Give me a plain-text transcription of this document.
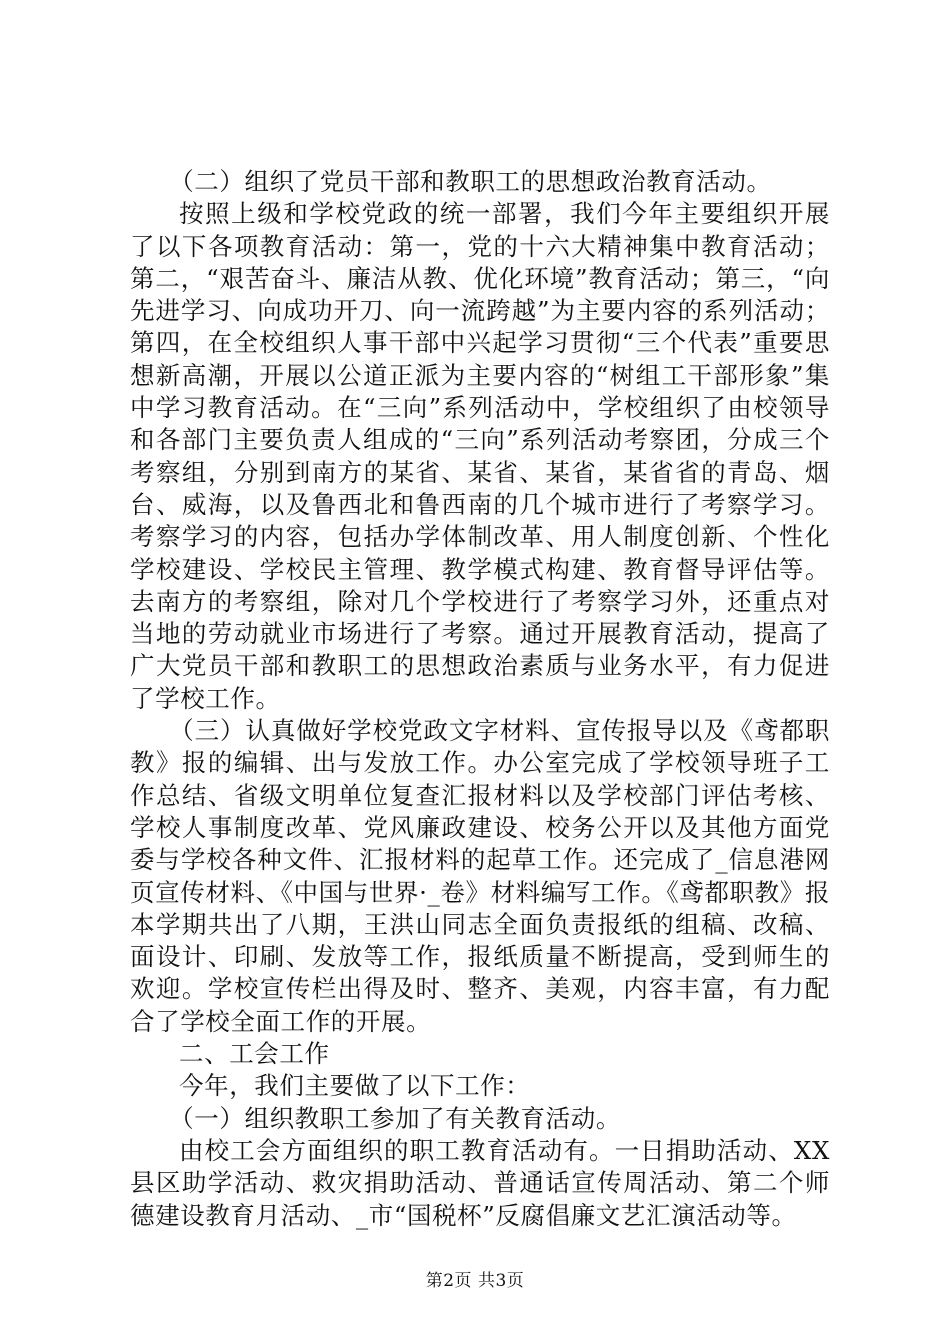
（二）组织了党员干部和教职工的思想政治教育活动。

按照上级和学校党政的统一部署，我们今年主要组织开展了以下各项教育活动：第一，党的十六大精神集中教育活动；第二，“艰苦奋斗、廉洁从教、优化环境”教育活动；第三，“向先进学习、向成功开刀、向一流跨越”为主要内容的系列活动；第四，在全校组织人事干部中兴起学习贯彻“三个代表”重要思想新高潮，开展以公道正派为主要内容的“树组工干部形象”集中学习教育活动。在“三向”系列活动中，学校组织了由校领导和各部门主要负责人组成的“三向”系列活动考察团，分成三个考察组，分别到南方的某省、某省、某省，某省省的青岛、烟台、威海，以及鲁西北和鲁西南的几个城市进行了考察学习。考察学习的内容，包括办学体制改革、用人制度创新、个性化学校建设、学校民主管理、教学模式构建、教育督导评估等。去南方的考察组，除对几个学校进行了考察学习外，还重点对当地的劳动就业市场进行了考察。通过开展教育活动，提高了广大党员干部和教职工的思想政治素质与业务水平，有力促进了学校工作。

（三）认真做好学校党政文字材料、宣传报导以及《鸢都职教》报的编辑、出与发放工作。办公室完成了学校领导班子工作总结、省级文明单位复查汇报材料以及学校部门评估考核、学校人事制度改革、党风廉政建设、校务公开以及其他方面党委与学校各种文件、汇报材料的起草工作。还完成了_信息港网页宣传材料、《中国与世界·_卷》材料编写工作。《鸢都职教》报本学期共出了八期，王洪山同志全面负责报纸的组稿、改稿、面设计、印刷、发放等工作，报纸质量不断提高，受到师生的欢迎。学校宣传栏出得及时、整齐、美观，内容丰富，有力配合了学校全面工作的开展。

二、工会工作

今年，我们主要做了以下工作：

（一）组织教职工参加了有关教育活动。

由校工会方面组织的职工教育活动有。一日捐助活动、XX县区助学活动、救灾捐助活动、普通话宣传周活动、第二个师德建设教育月活动、_市“国税杯”反腐倡廉文艺汇演活动等。

第2页 共3页
